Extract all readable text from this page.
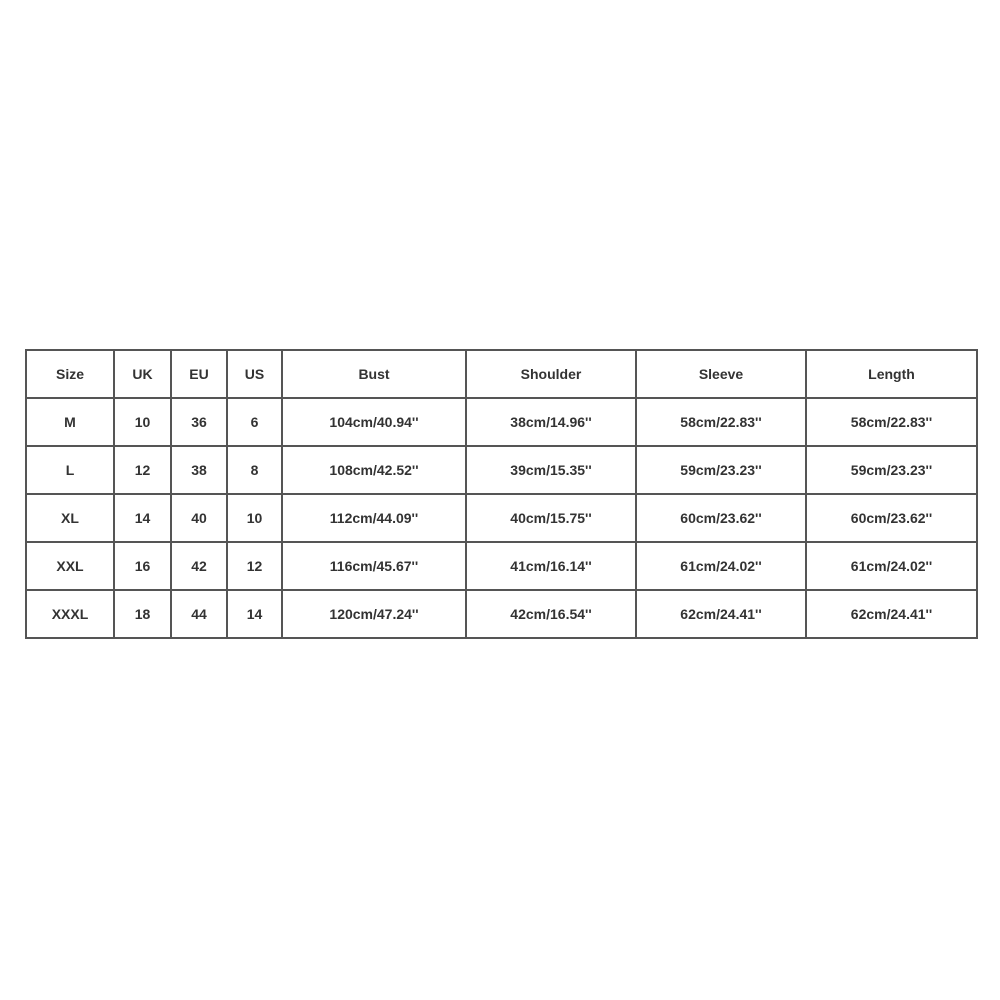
Size	UK	EU	US	Bust	Shoulder	Sleeve	Length
M	10	36	6	104cm/40.94''	38cm/14.96''	58cm/22.83''	58cm/22.83''
L	12	38	8	108cm/42.52''	39cm/15.35''	59cm/23.23''	59cm/23.23''
XL	14	40	10	112cm/44.09''	40cm/15.75''	60cm/23.62''	60cm/23.62''
XXL	16	42	12	116cm/45.67''	41cm/16.14''	61cm/24.02''	61cm/24.02''
XXXL	18	44	14	120cm/47.24''	42cm/16.54''	62cm/24.41''	62cm/24.41''
